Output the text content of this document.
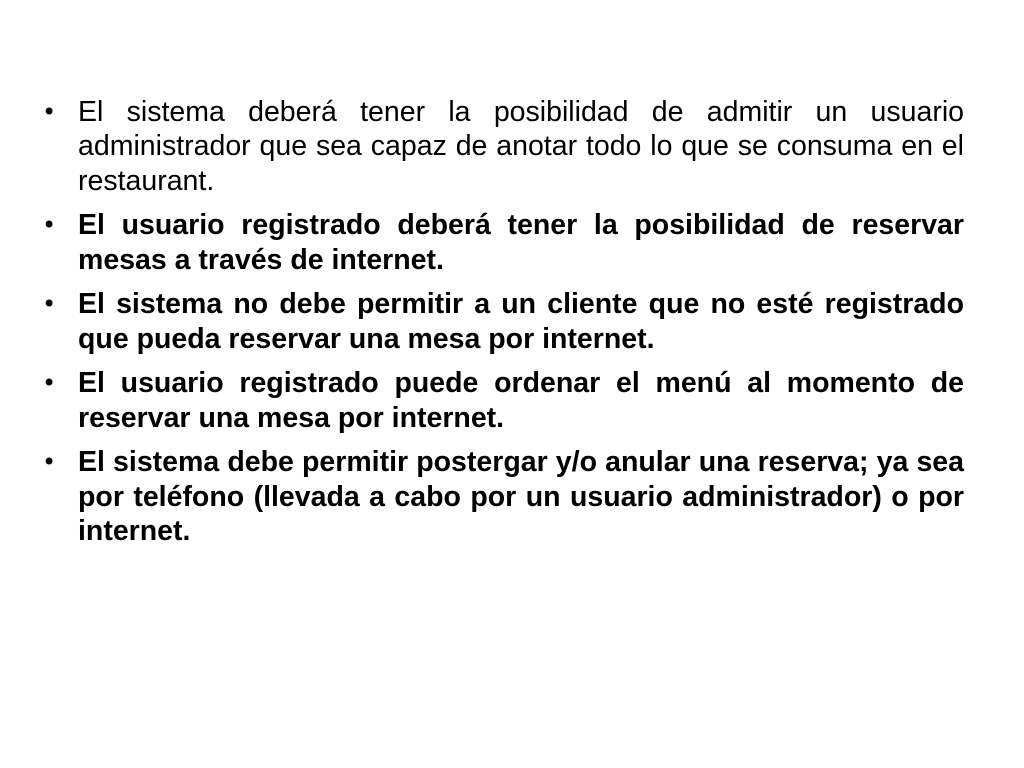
• El sistema deberá tener la posibilidad de admitir un usuario administrador que sea capaz de anotar todo lo que se consuma en el restaurant.
• El usuario registrado deberá tener la posibilidad de reservar mesas a través de internet.
• El sistema no debe permitir a un cliente que no esté registrado que pueda reservar una mesa por internet.
• El usuario registrado puede ordenar el menú al momento de reservar una mesa por internet.
• El sistema debe permitir postergar y/o anular una reserva; ya sea por teléfono (llevada a cabo por un usuario administrador) o por internet.
